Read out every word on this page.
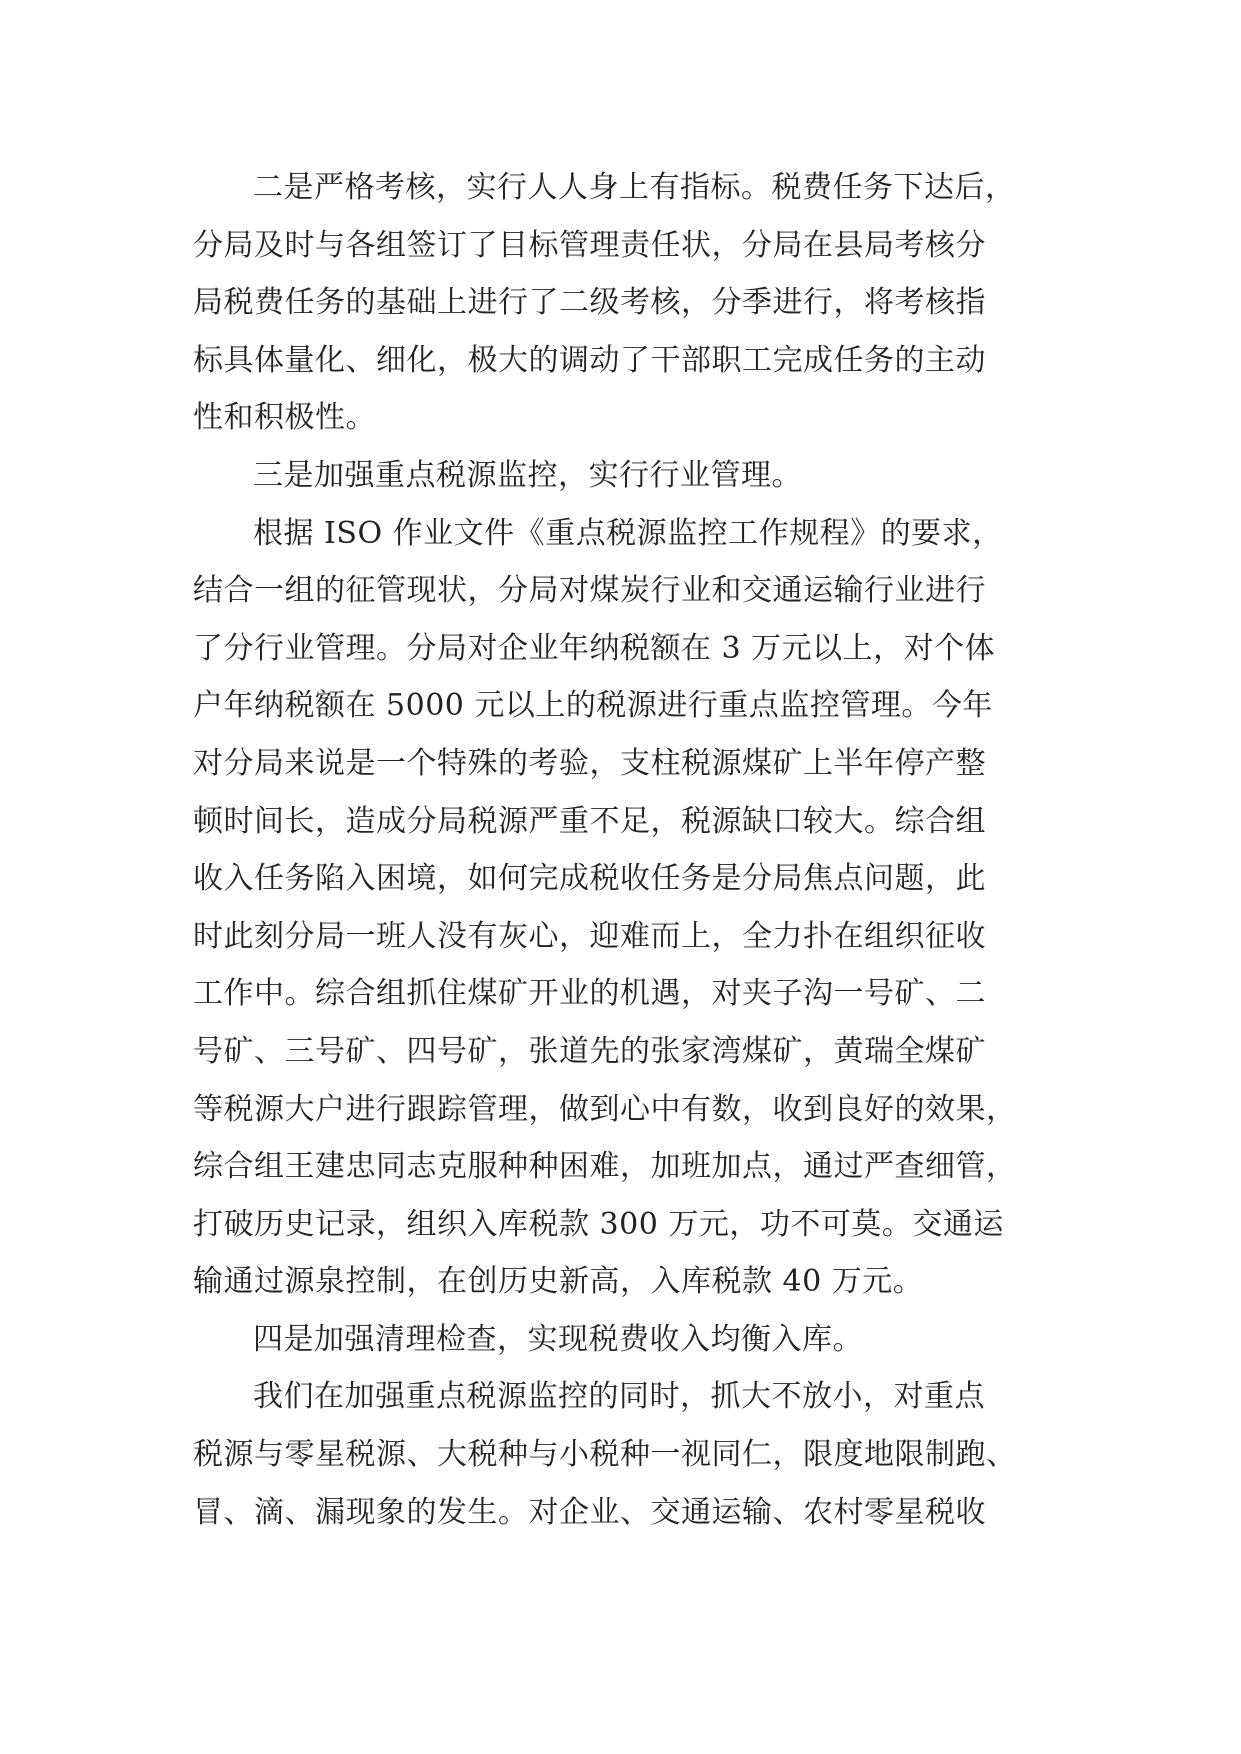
二是严格考核，实行人人身上有指标。税费任务下达后，
分局及时与各组签订了目标管理责任状，分局在县局考核分
局税费任务的基础上进行了二级考核，分季进行，将考核指
标具体量化、细化，极大的调动了干部职工完成任务的主动
性和积极性。
三是加强重点税源监控，实行行业管理。
根据 ISO 作业文件《重点税源监控工作规程》的要求，
结合一组的征管现状，分局对煤炭行业和交通运输行业进行
了分行业管理。分局对企业年纳税额在 3 万元以上，对个体
户年纳税额在 5000 元以上的税源进行重点监控管理。今年
对分局来说是一个特殊的考验，支柱税源煤矿上半年停产整
顿时间长，造成分局税源严重不足，税源缺口较大。综合组
收入任务陷入困境，如何完成税收任务是分局焦点问题，此
时此刻分局一班人没有灰心，迎难而上，全力扑在组织征收
工作中。综合组抓住煤矿开业的机遇，对夹子沟一号矿、二
号矿、三号矿、四号矿，张道先的张家湾煤矿，黄瑞全煤矿
等税源大户进行跟踪管理，做到心中有数，收到良好的效果，
综合组王建忠同志克服种种困难，加班加点，通过严查细管，
打破历史记录，组织入库税款 300 万元，功不可莫。交通运
输通过源泉控制，在创历史新高，入库税款 40 万元。
四是加强清理检查，实现税费收入均衡入库。
我们在加强重点税源监控的同时，抓大不放小，对重点
税源与零星税源、大税种与小税种一视同仁，限度地限制跑、
冒、滴、漏现象的发生。对企业、交通运输、农村零星税收
